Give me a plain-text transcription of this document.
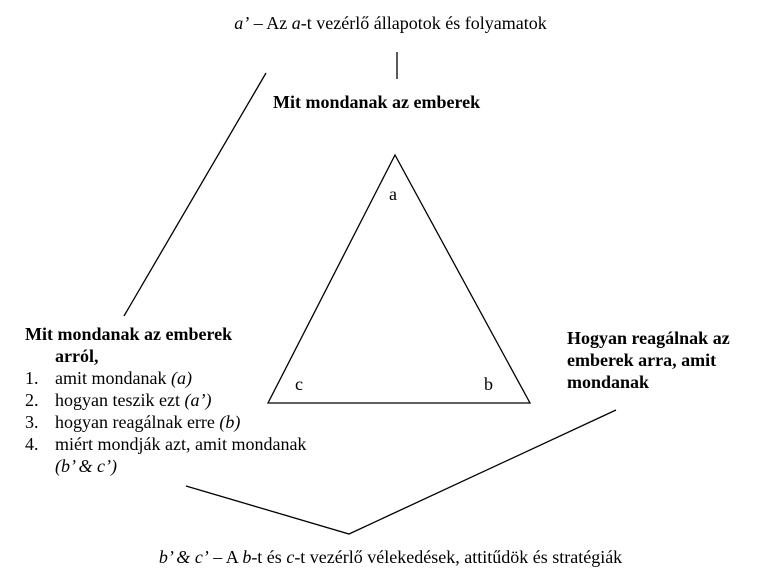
a’ – Az a-t vezérlő állapotok és folyamatok
Mit mondanak az emberek
a
b
c
Mit mondanak az emberek
arról,
1. amit mondanak (a)
2. hogyan teszik ezt (a’)
3. hogyan reagálnak erre (b)
4. miért mondják azt, amit mondanak
(b’ & c’)
Hogyan reagálnak az
emberek arra, amit
mondanak
b’ & c’ – A b-t és c-t vezérlő vélekedések, attitűdök és stratégiák
